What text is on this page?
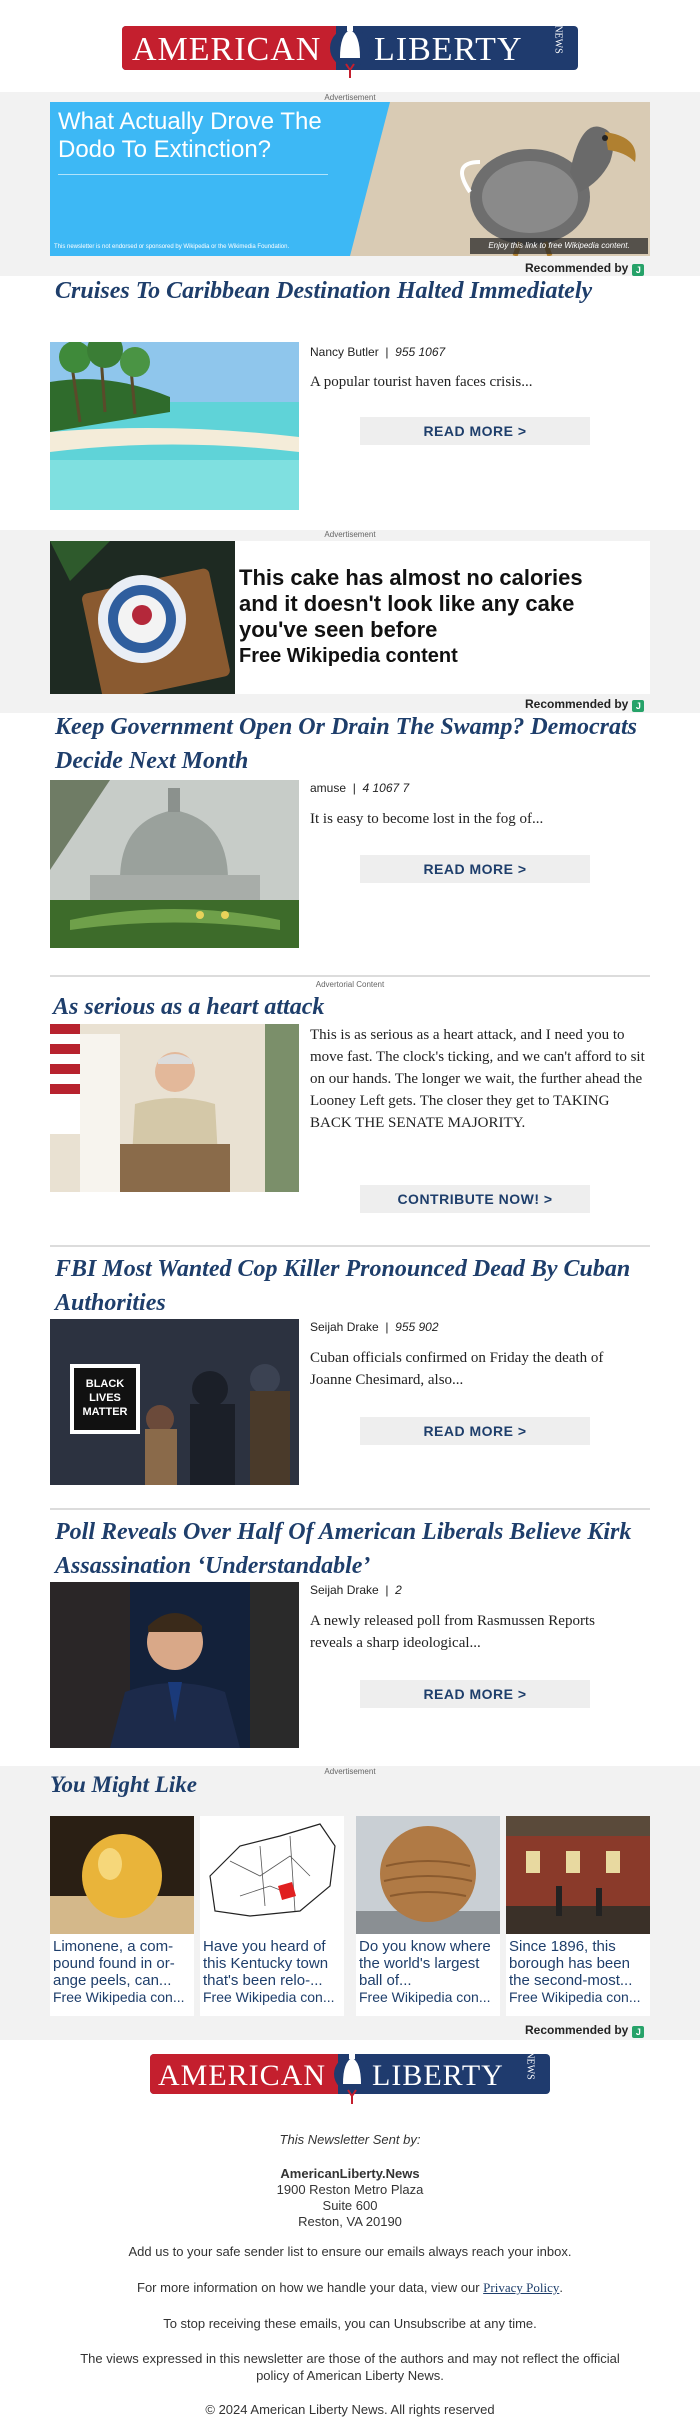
AMERICAN LIBERTY	NEWS
Advertisement
What Actually Drove The Dodo To Extinction?
This newsletter is not endorsed or sponsored by Wikipedia or the Wikimedia Foundation.	Enjoy this link to free Wikipedia content.
Recommended by J
Cruises To Caribbean Destination Halted Immediately
Nancy Butler  |  955 1067
A popular tourist haven faces crisis...
READ MORE >
Advertisement
This cake has almost no calories
and it doesn't look like any cake
you've seen before
Free Wikipedia content
Recommended by J
Keep Government Open Or Drain The Swamp? Democrats Decide Next Month
amuse  |  4 1067 7
It is easy to become lost in the fog of...
READ MORE >
Advertorial Content
As serious as a heart attack
This is as serious as a heart attack, and I need you to move fast. The clock's ticking, and we can't afford to sit on our hands. The longer we wait, the further ahead the Looney Left gets. The closer they get to TAKING BACK THE SENATE MAJORITY.
CONTRIBUTE NOW! >
FBI Most Wanted Cop Killer Pronounced Dead By Cuban Authorities
BLACK LIVES MATTER
Seijah Drake  |  955 902
Cuban officials confirmed on Friday the death of Joanne Chesimard, also...
READ MORE >
Poll Reveals Over Half Of American Liberals Believe Kirk Assassination ‘Understandable’
Seijah Drake  |  2
A newly released poll from Rasmussen Reports reveals a sharp ideological...
READ MORE >
Advertisement
You Might Like
Limonene, a com-pound found in or-ange peels, can...
Free Wikipedia con...
Have you heard of this Kentucky town that's been relo-...
Free Wikipedia con...
Do you know where the world's largest ball of...
Free Wikipedia con...
Since 1896, this borough has been the second-most...
Free Wikipedia con...
Recommended by J
AMERICAN LIBERTY NEWS
This Newsletter Sent by:
AmericanLiberty.News
1900 Reston Metro Plaza
Suite 600
Reston, VA 20190
Add us to your safe sender list to ensure our emails always reach your inbox.
For more information on how we handle your data, view our Privacy Policy.
To stop receiving these emails, you can Unsubscribe at any time.
The views expressed in this newsletter are those of the authors and may not reflect the official policy of American Liberty News.
© 2024 American Liberty News. All rights reserved
